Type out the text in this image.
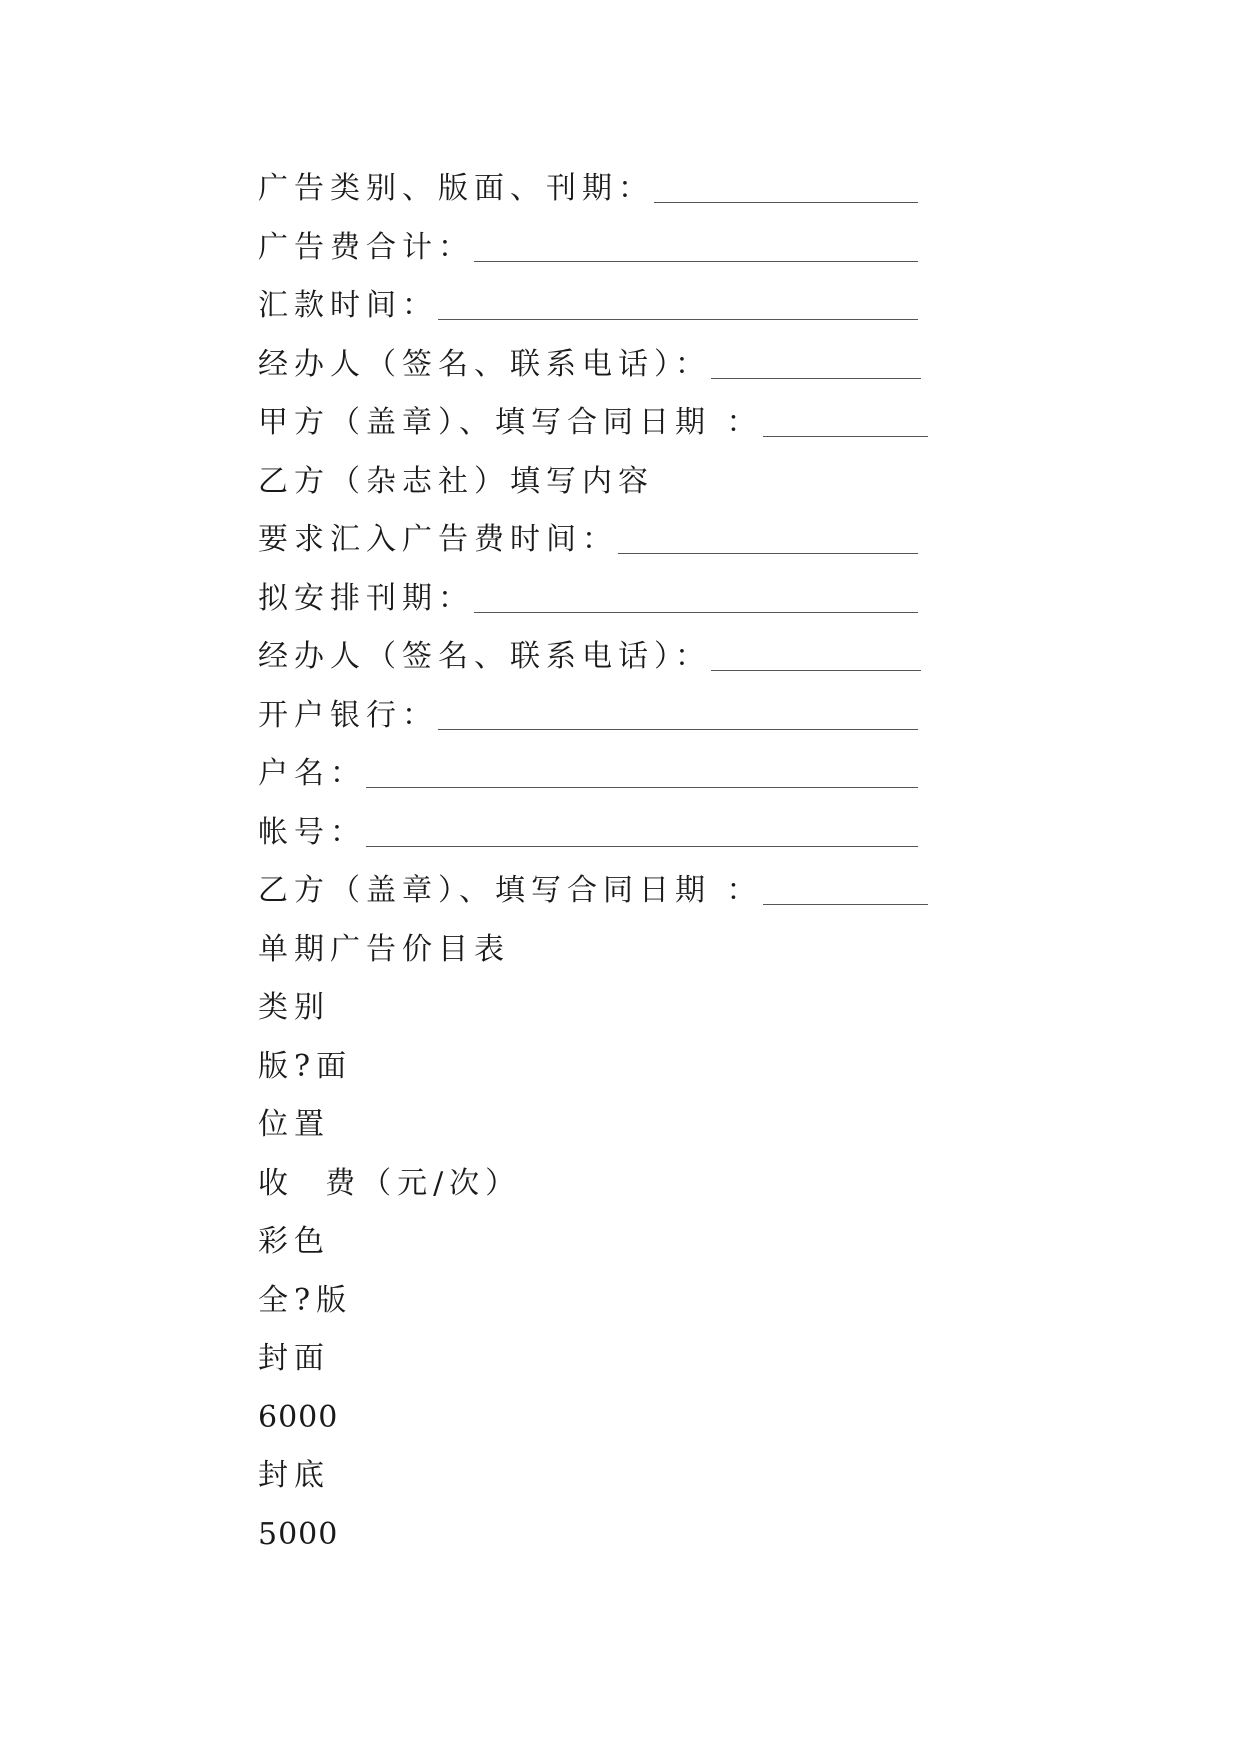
广告类别、版面、刊期：
广告费合计：
汇款时间：
经办人（签名、联系电话）：
甲方（盖章）、填写合同日期 ：
乙方（杂志社）填写内容
要求汇入广告费时间：
拟安排刊期：
经办人（签名、联系电话）：
开户银行：
户名：
帐号：
乙方（盖章）、填写合同日期 ：
单期广告价目表
类别
版?面
位置
收  费（元/次）
彩色
全?版
封面
6000
封底
5000
